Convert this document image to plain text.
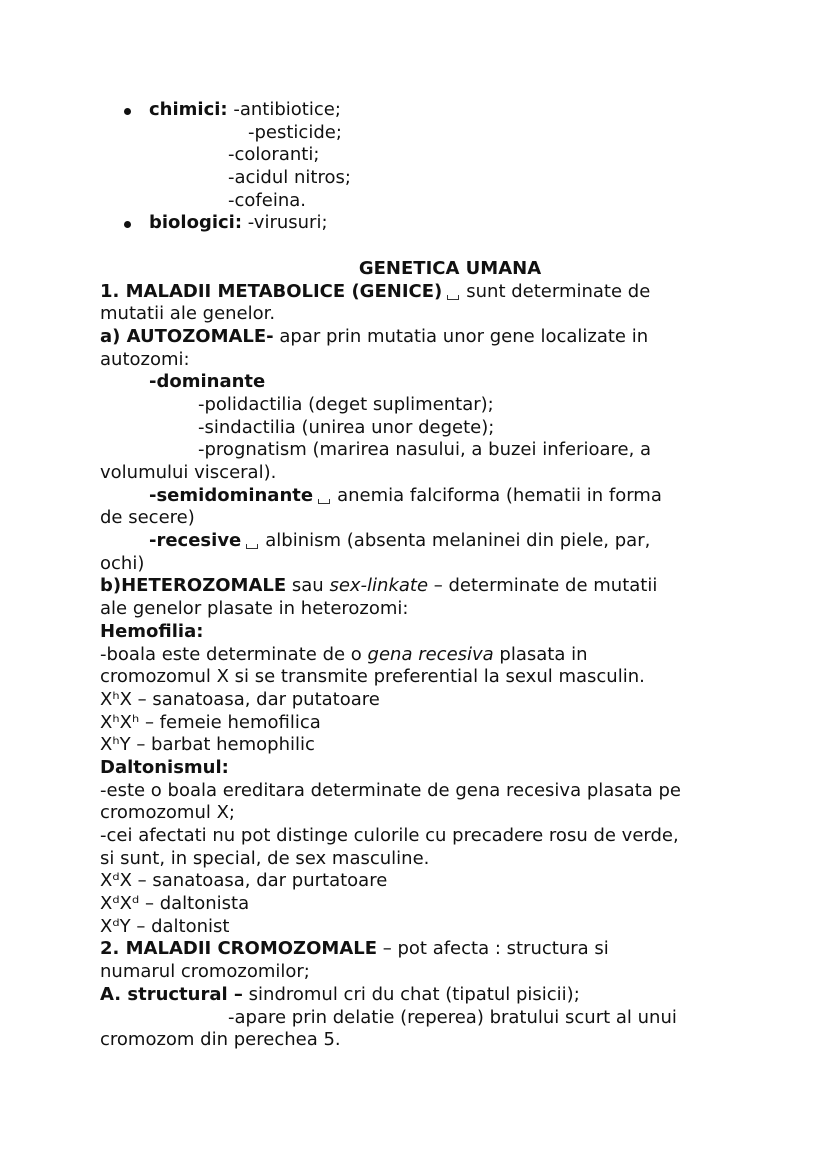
chimici: -antibiotice;
-pesticide;
-coloranti;
-acidul nitros;
-cofeina.
biologici: -virusuri;
GENETICA UMANA
1. MALADII METABOLICE (GENICE) sunt determinate de
mutatii ale genelor.
a) AUTOZOMALE- apar prin mutatia unor gene localizate in
autozomi:
-dominante
-polidactilia (deget suplimentar);
-sindactilia (unirea unor degete);
-prognatism (marirea nasului, a buzei inferioare, a
volumului visceral).
-semidominante anemia falciforma (hematii in forma
de secere)
-recesive albinism (absenta melaninei din piele, par,
ochi)
b)HETEROZOMALE sau sex-linkate – determinate de mutatii
ale genelor plasate in heterozomi:
Hemofilia:
-boala este determinate de o gena recesiva plasata in
cromozomul X si se transmite preferential la sexul masculin.
XʰX – sanatoasa, dar putatoare
XʰXʰ – femeie hemofilica
XʰY – barbat hemophilic
Daltonismul:
-este o boala ereditara determinate de gena recesiva plasata pe
cromozomul X;
-cei afectati nu pot distinge culorile cu precadere rosu de verde,
si sunt, in special, de sex masculine.
XᵈX – sanatoasa, dar purtatoare
XᵈXᵈ – daltonista
XᵈY – daltonist
2. MALADII CROMOZOMALE – pot afecta : structura si
numarul cromozomilor;
A. structural – sindromul cri du chat (tipatul pisicii);
-apare prin delatie (reperea) bratului scurt al unui
cromozom din perechea 5.
